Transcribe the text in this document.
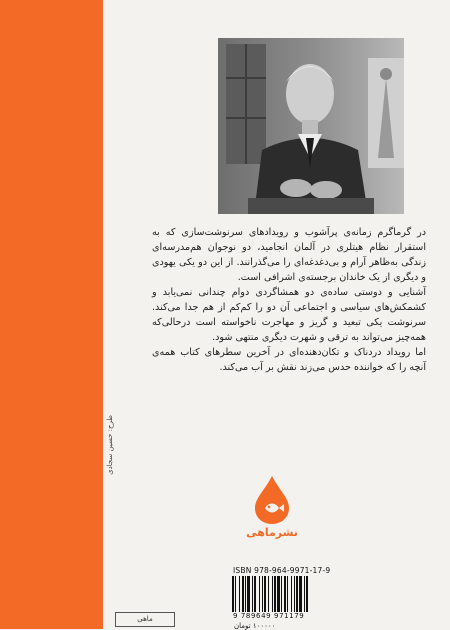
در گرماگرم زمانه‌ی پرآشوب و رویدادهای سرنوشت‌سازی که به استقرار نظام هیتلری در آلمان انجامید، دو نوجوان هم‌مدرسه‌ای زندگی به‌ظاهر آرام و بی‌دغدغه‌ای را می‌گذرانند. از این دو یکی یهودی و دیگری از یک خاندان برجسته‌ی اشرافی است.

آشنایی و دوستی ساده‌ی دو همشاگردی دوام چندانی نمی‌یابد و کشمکش‌های سیاسی و اجتماعی آن دو را کم‌کم از هم جدا می‌کند. سرنوشت یکی تبعید و گریز و مهاجرت ناخواسته است درحالی‌که همه‌چیز می‌تواند به ترقی و شهرت دیگری منتهی شود.

اما رویداد دردناک و تکان‌دهنده‌ای در آخرین سطرهای کتاب همه‌ی آنچه را که خواننده حدس می‌زند نقش بر آب می‌کند.

نشرماهی
طرح: حسین سجادی
ماهی
ISBN 978-964-9971-17-9
9 789649 971179
۱۰۰۰۰۰ تومان
